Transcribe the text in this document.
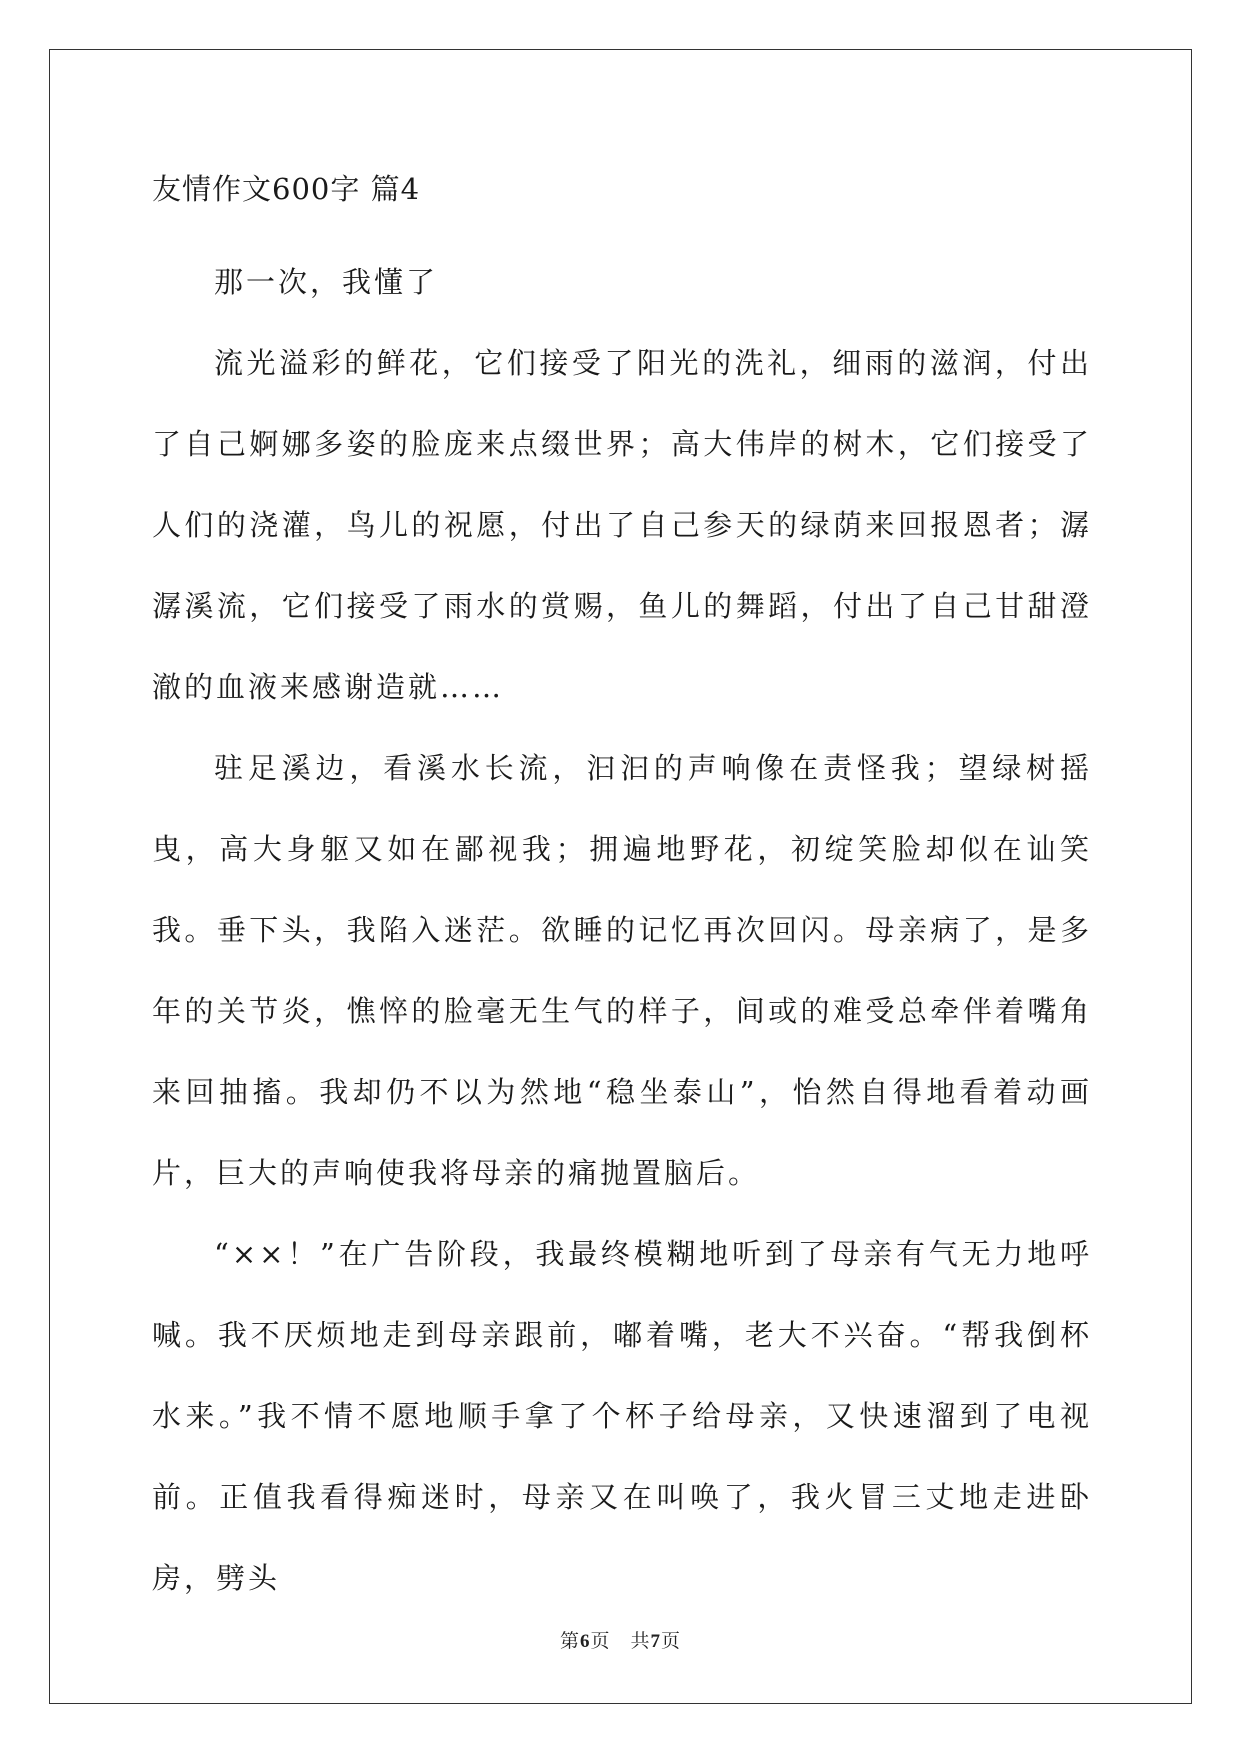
友情作文600字 篇4

那一次，我懂了

流光溢彩的鲜花，它们接受了阳光的洗礼，细雨的滋润，付出了自己婀娜多姿的脸庞来点缀世界；高大伟岸的树木，它们接受了人们的浇灌，鸟儿的祝愿，付出了自己参天的绿荫来回报恩者；潺潺溪流，它们接受了雨水的赏赐，鱼儿的舞蹈，付出了自己甘甜澄澈的血液来感谢造就……

驻足溪边，看溪水长流，汩汩的声响像在责怪我；望绿树摇曳，高大身躯又如在鄙视我；拥遍地野花，初绽笑脸却似在讪笑我。垂下头，我陷入迷茫。欲睡的记忆再次回闪。母亲病了，是多年的关节炎，憔悴的脸毫无生气的样子，间或的难受总牵伴着嘴角来回抽搐。我却仍不以为然地“稳坐泰山”，怡然自得地看着动画片，巨大的声响使我将母亲的痛抛置脑后。

“××！”在广告阶段，我最终模糊地听到了母亲有气无力地呼喊。我不厌烦地走到母亲跟前，嘟着嘴，老大不兴奋。“帮我倒杯水来。”我不情不愿地顺手拿了个杯子给母亲，又快速溜到了电视前。正值我看得痴迷时，母亲又在叫唤了，我火冒三丈地走进卧房，劈头

第6页 共7页
